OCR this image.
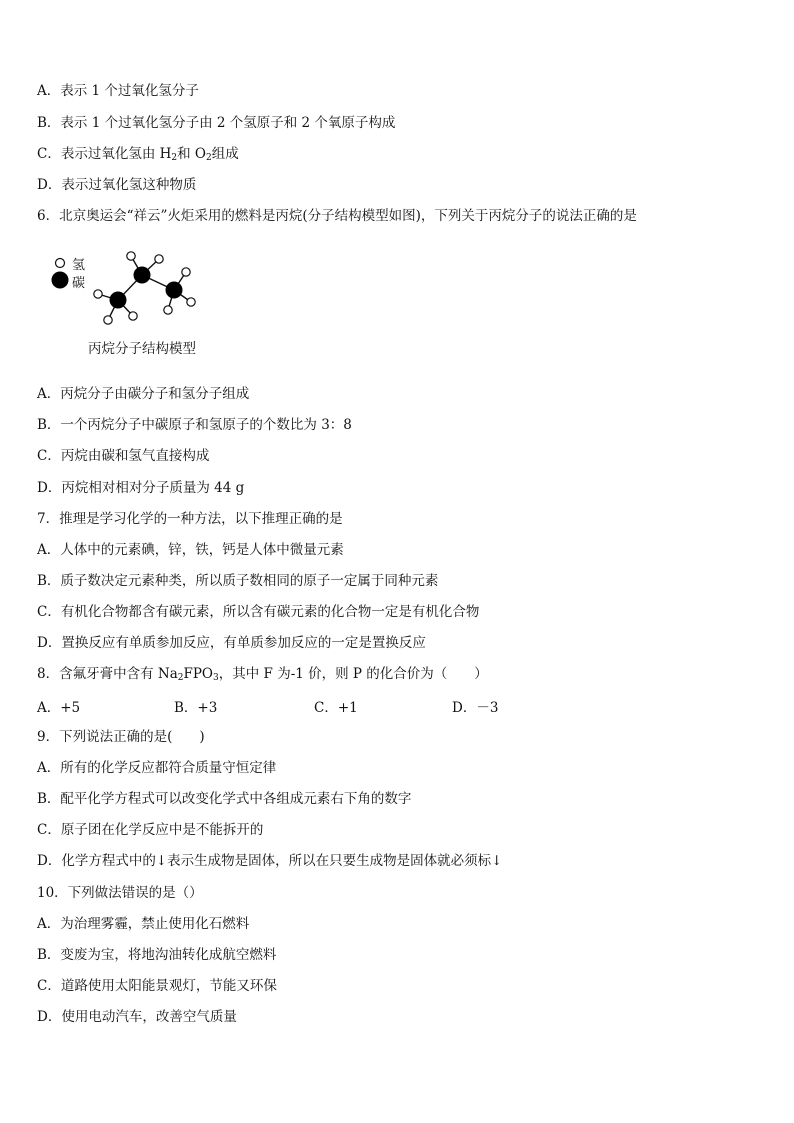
A．表示 1 个过氧化氢分子
B．表示 1 个过氧化氢分子由 2 个氢原子和 2 个氧原子构成
C．表示过氧化氢由 $H_2$和 $O_2$组成
D．表示过氧化氢这种物质
6．北京奥运会“祥云”火炬采用的燃料是丙烷(分子结构模型如图)，下列关于丙烷分子的说法正确的是
氢
碳
丙烷分子结构模型
A．丙烷分子由碳分子和氢分子组成
B．一个丙烷分子中碳原子和氢原子的个数比为 3：8
C．丙烷由碳和氢气直接构成
D．丙烷相对相对分子质量为 44 g
7．推理是学习化学的一种方法，以下推理正确的是
A．人体中的元素碘，锌，铁，钙是人体中微量元素
B．质子数决定元素种类，所以质子数相同的原子一定属于同种元素
C．有机化合物都含有碳元素，所以含有碳元素的化合物一定是有机化合物
D．置换反应有单质参加反应，有单质参加反应的一定是置换反应
8．含氟牙膏中含有 $Na_2FPO_3$，其中 F 为-1 价，则 P 的化合价为（　　）
A．+5	B．+3	C．+1	D．－3
9．下列说法正确的是(　　)
A．所有的化学反应都符合质量守恒定律
B．配平化学方程式可以改变化学式中各组成元素右下角的数字
C．原子团在化学反应中是不能拆开的
D．化学方程式中的↓表示生成物是固体，所以在只要生成物是固体就必须标↓
10．下列做法错误的是（）
A．为治理雾霾，禁止使用化石燃料
B．变废为宝，将地沟油转化成航空燃料
C．道路使用太阳能景观灯，节能又环保
D．使用电动汽车，改善空气质量
